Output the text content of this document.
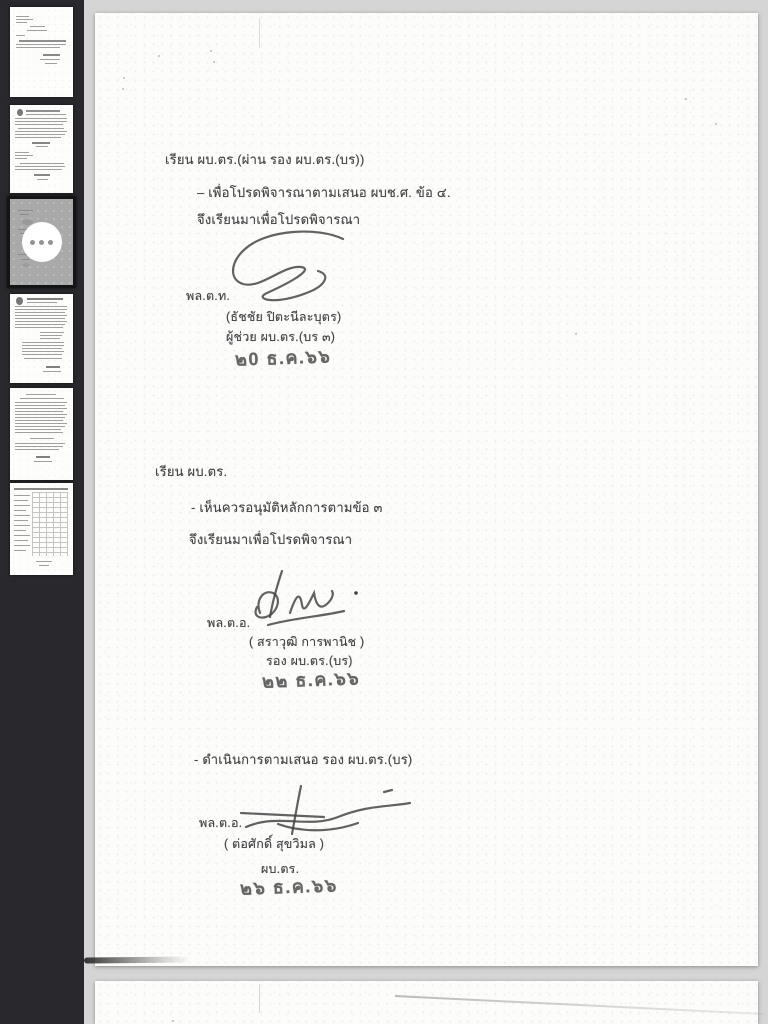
เรียน ผบ.ตร.(ผ่าน รอง ผบ.ตร.(บร))
– เพื่อโปรดพิจารณาตามเสนอ ผบช.ศ. ข้อ ๔.
จึงเรียนมาเพื่อโปรดพิจารณา
พล.ต.ท.
(ธัชชัย ปิตะนีละบุตร)
ผู้ช่วย ผบ.ตร.(บร ๓)
๒0 ธ.ค.๖๖
เรียน ผบ.ตร.
- เห็นควรอนุมัติหลักการตามข้อ ๓
จึงเรียนมาเพื่อโปรดพิจารณา
พล.ต.อ.
( สราวุฒิ การพานิช )
รอง ผบ.ตร.(บร)
๒๒ ธ.ค.๖๖
- ดำเนินการตามเสนอ รอง ผบ.ตร.(บร)
พล.ต.อ.
( ต่อศักดิ์ สุขวิมล )
ผบ.ตร.
๒๖ ธ.ค.๖๖
